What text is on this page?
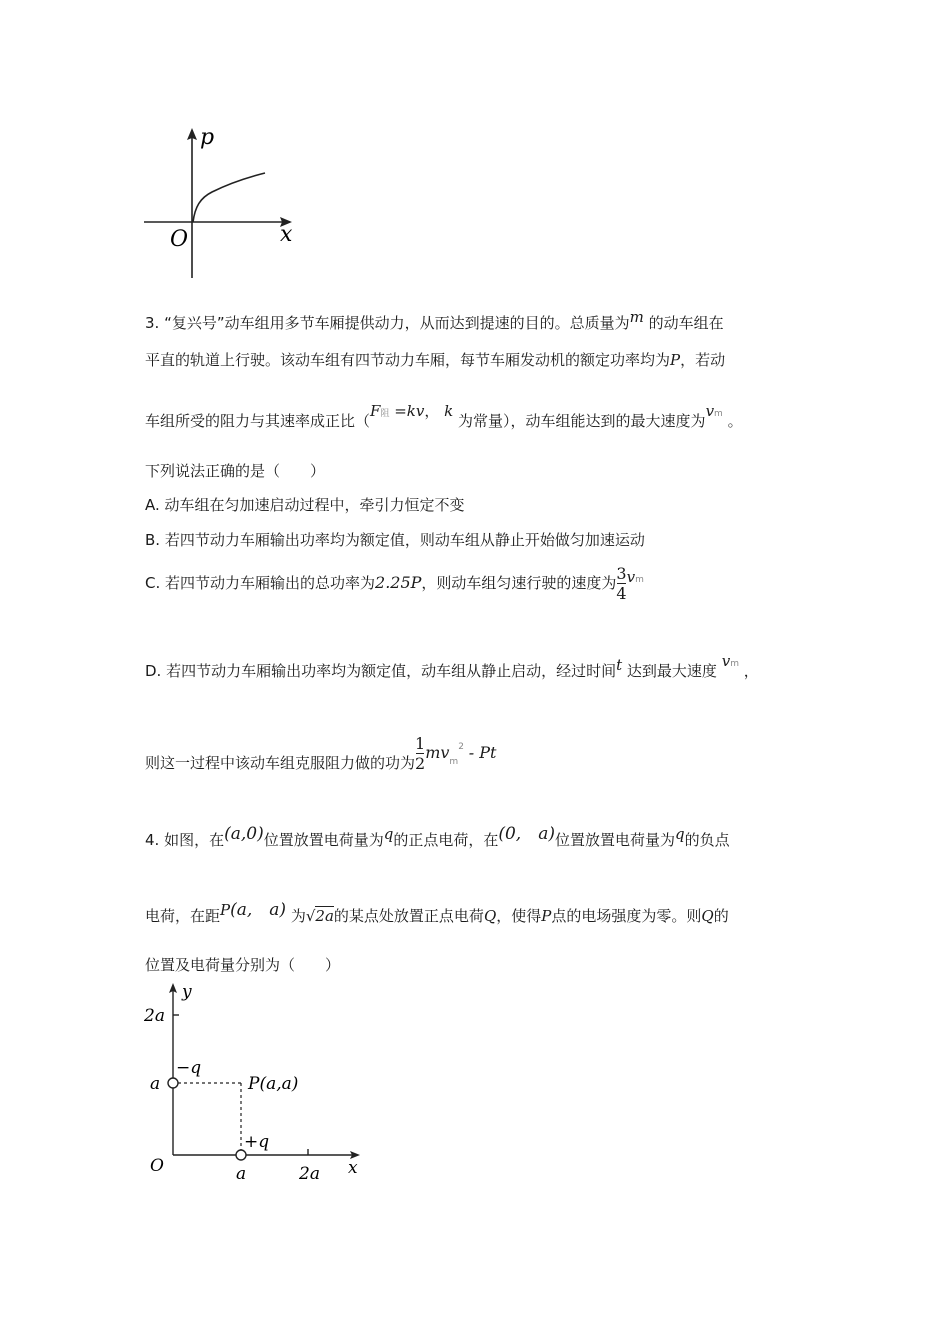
p
x
O
3. “复兴号”动车组用多节车厢提供动力，从而达到提速的目的。总质量为m 的动车组在
平直的轨道上行驶。该动车组有四节动力车厢，每节车厢发动机的额定功率均为P，若动
车组所受的阻力与其速率成正比（F阻 =kv， k 为常量），动车组能达到的最大速度为vm 。
下列说法正确的是（　　）
A. 动车组在匀加速启动过程中，牵引力恒定不变
B. 若四节动力车厢输出功率均为额定值，则动车组从静止开始做匀加速运动
C. 若四节动力车厢输出的总功率为2.25P，则动车组匀速行驶的速度为 $\frac{3}{4} v^m$
D. 若四节动力车厢输出功率均为额定值，动车组从静止启动，经过时间t 达到最大速度 vm ，
则这一过程中该动车组克服阻力做的功为 $\frac{1}{2} mv_m^2$ - Pt
4. 如图，在(a,0)位置放置电荷量为q的正点电荷，在(0,　a)位置放置电荷量为q的负点
电荷，在距P(a,　a) 为√2a的某点处放置正点电荷Q，使得P点的电场强度为零。则Q的
位置及电荷量分别为（　　）
y
x
O
2a
a
a	2a
−q
+q
P(a,a)
